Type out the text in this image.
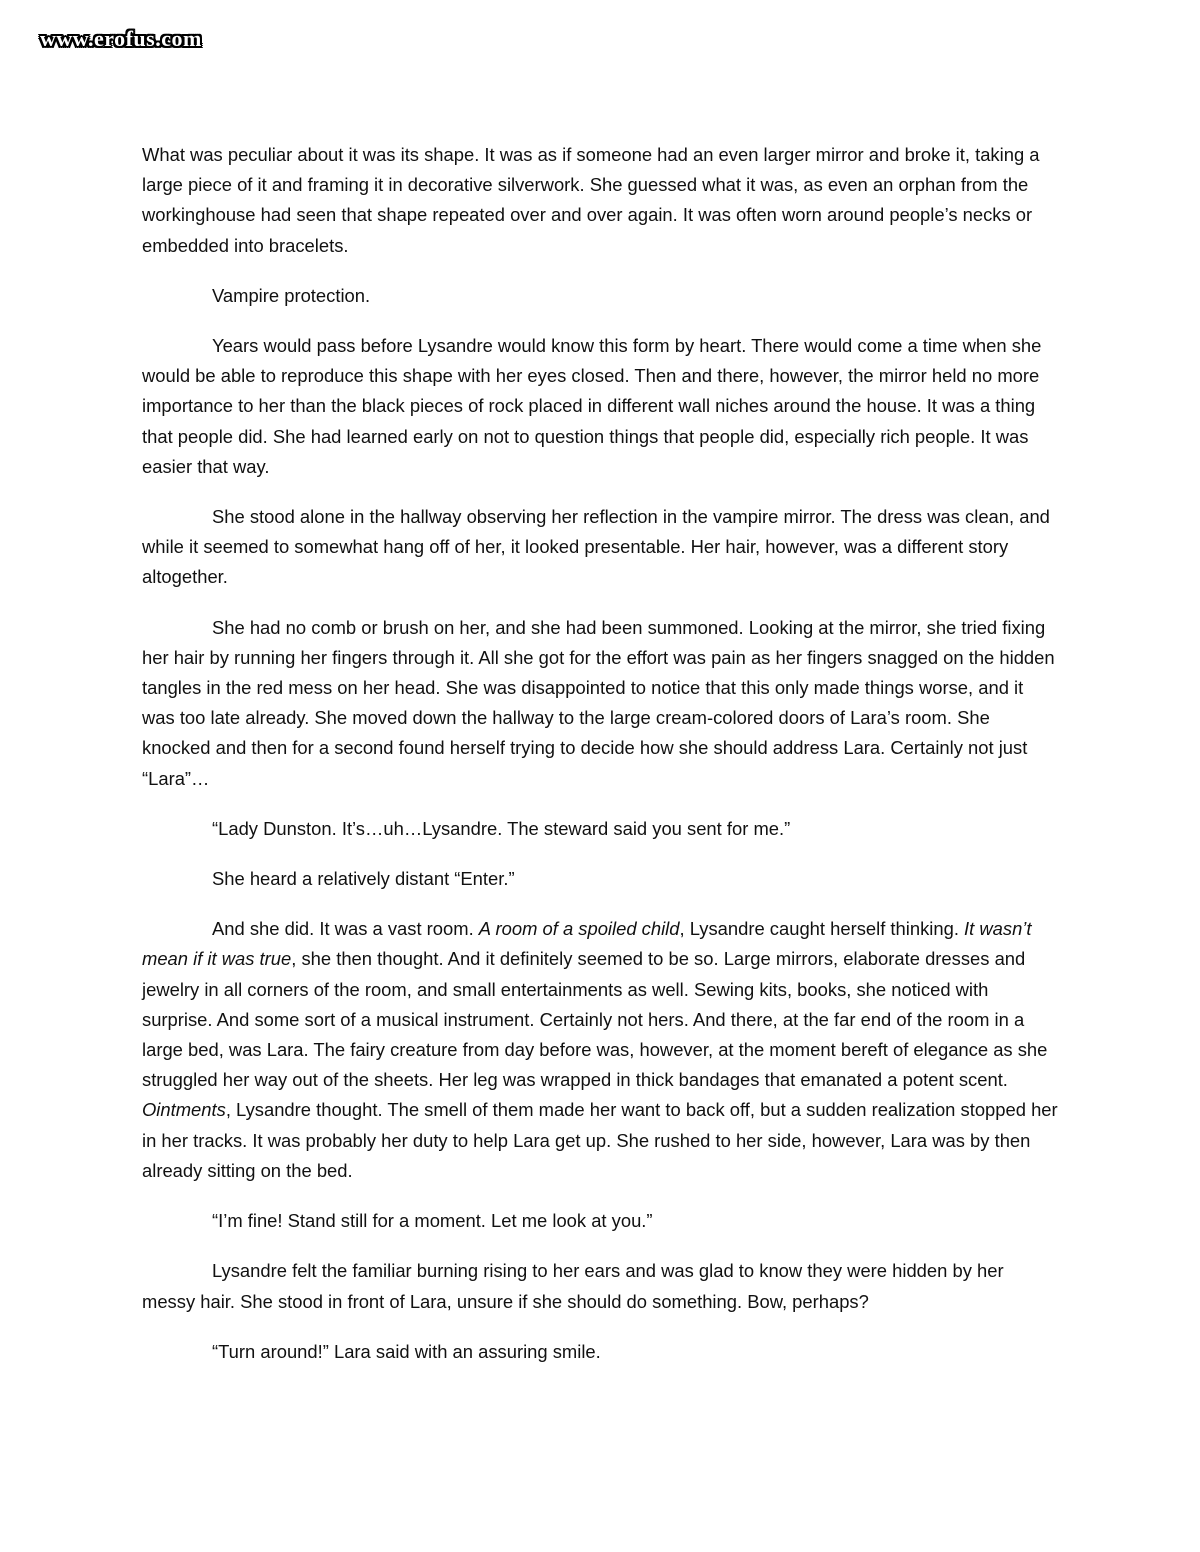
www.erofus.com

What was peculiar about it was its shape. It was as if someone had an even larger mirror and broke it, taking a large piece of it and framing it in decorative silverwork. She guessed what it was, as even an orphan from the workinghouse had seen that shape repeated over and over again. It was often worn around people’s necks or embedded into bracelets.

Vampire protection.

Years would pass before Lysandre would know this form by heart. There would come a time when she would be able to reproduce this shape with her eyes closed. Then and there, however, the mirror held no more importance to her than the black pieces of rock placed in different wall niches around the house. It was a thing that people did. She had learned early on not to question things that people did, especially rich people. It was easier that way.

She stood alone in the hallway observing her reflection in the vampire mirror. The dress was clean, and while it seemed to somewhat hang off of her, it looked presentable. Her hair, however, was a different story altogether.

She had no comb or brush on her, and she had been summoned. Looking at the mirror, she tried fixing her hair by running her fingers through it. All she got for the effort was pain as her fingers snagged on the hidden tangles in the red mess on her head. She was disappointed to notice that this only made things worse, and it was too late already. She moved down the hallway to the large cream-colored doors of Lara’s room. She knocked and then for a second found herself trying to decide how she should address Lara. Certainly not just “Lara”…

“Lady Dunston. It’s…uh…Lysandre. The steward said you sent for me.”

She heard a relatively distant “Enter.”

And she did. It was a vast room. A room of a spoiled child, Lysandre caught herself thinking. It wasn’t mean if it was true, she then thought. And it definitely seemed to be so. Large mirrors, elaborate dresses and jewelry in all corners of the room, and small entertainments as well. Sewing kits, books, she noticed with surprise. And some sort of a musical instrument. Certainly not hers. And there, at the far end of the room in a large bed, was Lara. The fairy creature from day before was, however, at the moment bereft of elegance as she struggled her way out of the sheets. Her leg was wrapped in thick bandages that emanated a potent scent. Ointments, Lysandre thought. The smell of them made her want to back off, but a sudden realization stopped her in her tracks. It was probably her duty to help Lara get up. She rushed to her side, however, Lara was by then already sitting on the bed.

“I’m fine! Stand still for a moment. Let me look at you.”

Lysandre felt the familiar burning rising to her ears and was glad to know they were hidden by her messy hair. She stood in front of Lara, unsure if she should do something. Bow, perhaps?

“Turn around!” Lara said with an assuring smile.
